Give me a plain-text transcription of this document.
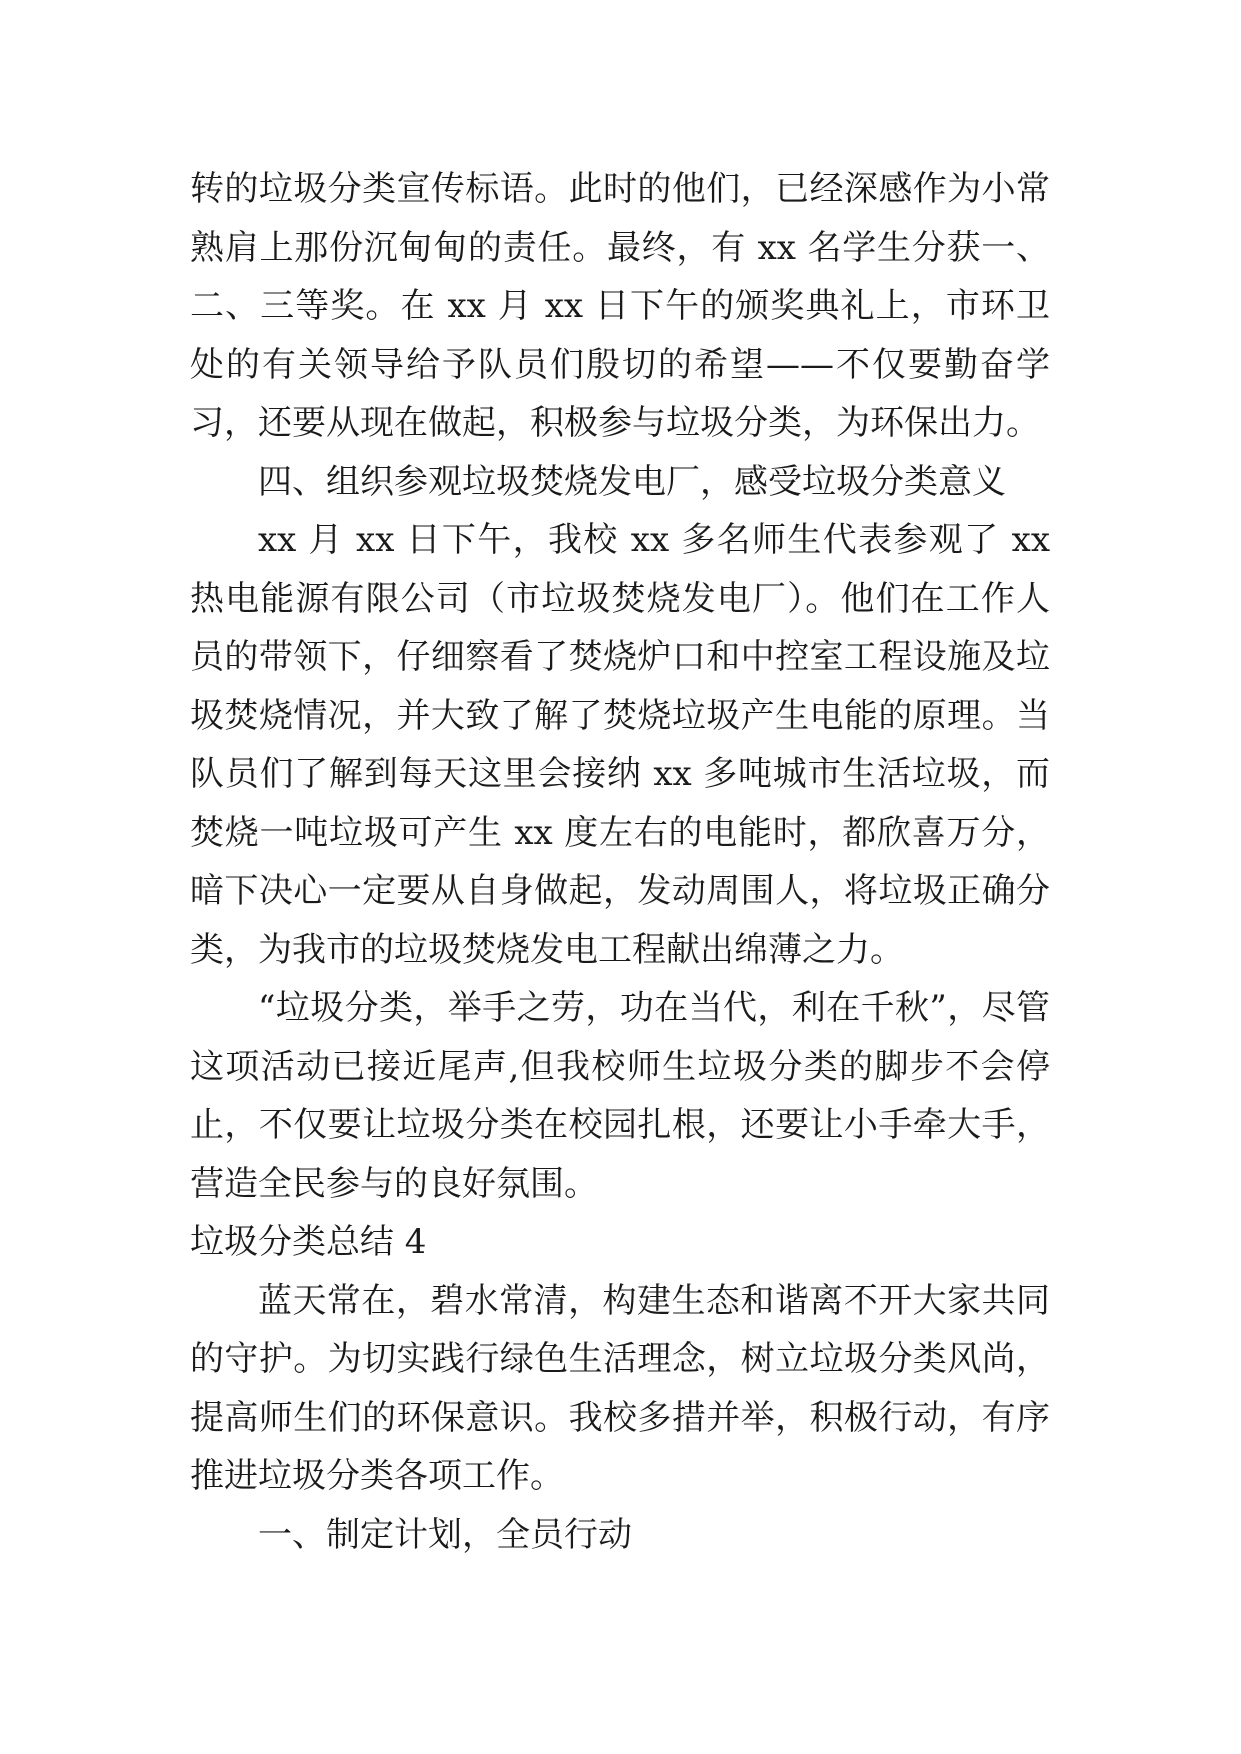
转的垃圾分类宣传标语。此时的他们，已经深感作为小常熟肩上那份沉甸甸的责任。最终，有 xx 名学生分获一、二、三等奖。在 xx 月 xx 日下午的颁奖典礼上，市环卫处的有关领导给予队员们殷切的希望——不仅要勤奋学习，还要从现在做起，积极参与垃圾分类，为环保出力。

四、组织参观垃圾焚烧发电厂，感受垃圾分类意义

xx 月 xx 日下午，我校 xx 多名师生代表参观了 xx 热电能源有限公司（市垃圾焚烧发电厂）。他们在工作人员的带领下，仔细察看了焚烧炉口和中控室工程设施及垃圾焚烧情况，并大致了解了焚烧垃圾产生电能的原理。当队员们了解到每天这里会接纳 xx 多吨城市生活垃圾，而焚烧一吨垃圾可产生 xx 度左右的电能时，都欣喜万分，暗下决心一定要从自身做起，发动周围人，将垃圾正确分类，为我市的垃圾焚烧发电工程献出绵薄之力。

“垃圾分类，举手之劳，功在当代，利在千秋”，尽管这项活动已接近尾声,但我校师生垃圾分类的脚步不会停止，不仅要让垃圾分类在校园扎根，还要让小手牵大手，营造全民参与的良好氛围。

垃圾分类总结 4

蓝天常在，碧水常清，构建生态和谐离不开大家共同的守护。为切实践行绿色生活理念，树立垃圾分类风尚，提高师生们的环保意识。我校多措并举，积极行动，有序推进垃圾分类各项工作。

一、制定计划，全员行动
